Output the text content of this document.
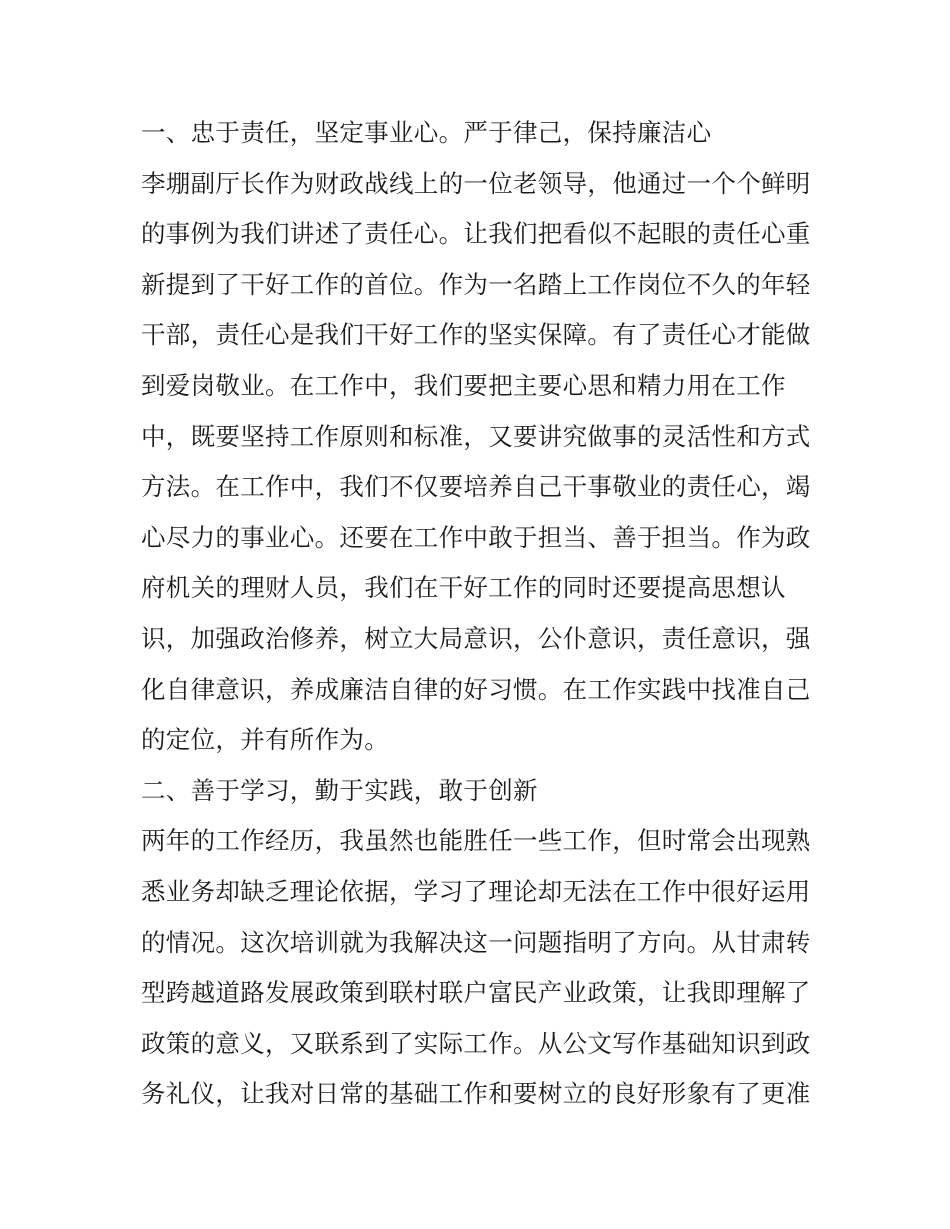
一、忠于责任，坚定事业心。严于律己，保持廉洁心
李堋副厅长作为财政战线上的一位老领导，他通过一个个鲜明
的事例为我们讲述了责任心。让我们把看似不起眼的责任心重
新提到了干好工作的首位。作为一名踏上工作岗位不久的年轻
干部，责任心是我们干好工作的坚实保障。有了责任心才能做
到爱岗敬业。在工作中，我们要把主要心思和精力用在工作
中，既要坚持工作原则和标准，又要讲究做事的灵活性和方式
方法。在工作中，我们不仅要培养自己干事敬业的责任心，竭
心尽力的事业心。还要在工作中敢于担当、善于担当。作为政
府机关的理财人员，我们在干好工作的同时还要提高思想认
识，加强政治修养，树立大局意识，公仆意识，责任意识，强
化自律意识，养成廉洁自律的好习惯。在工作实践中找准自己
的定位，并有所作为。
二、善于学习，勤于实践，敢于创新
两年的工作经历，我虽然也能胜任一些工作，但时常会出现熟
悉业务却缺乏理论依据，学习了理论却无法在工作中很好运用
的情况。这次培训就为我解决这一问题指明了方向。从甘肃转
型跨越道路发展政策到联村联户富民产业政策，让我即理解了
政策的意义，又联系到了实际工作。从公文写作基础知识到政
务礼仪，让我对日常的基础工作和要树立的良好形象有了更准
